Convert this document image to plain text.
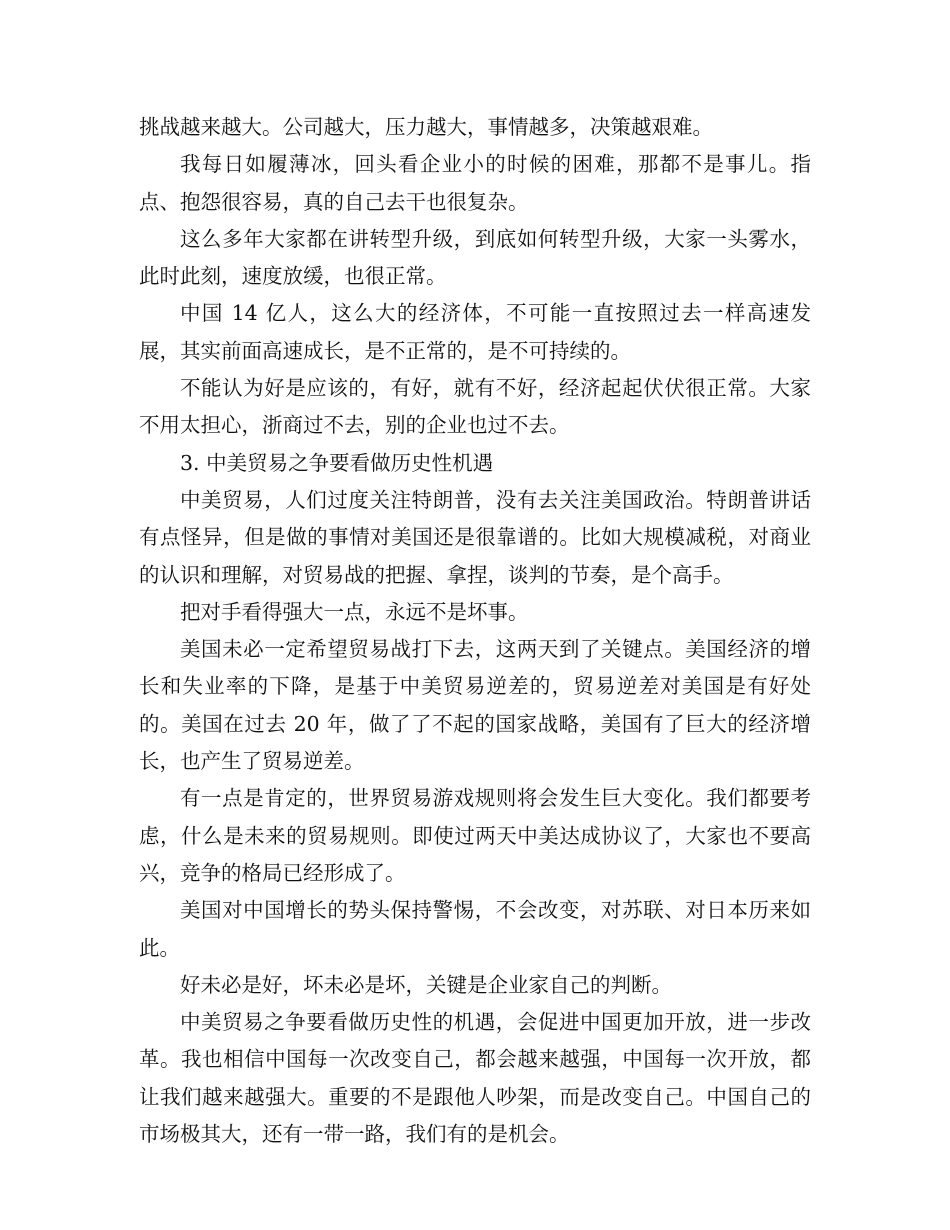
挑战越来越大。公司越大，压力越大，事情越多，决策越艰难。

我每日如履薄冰，回头看企业小的时候的困难，那都不是事儿。指点、抱怨很容易，真的自己去干也很复杂。

这么多年大家都在讲转型升级，到底如何转型升级，大家一头雾水，此时此刻，速度放缓，也很正常。

中国 14 亿人，这么大的经济体，不可能一直按照过去一样高速发展，其实前面高速成长，是不正常的，是不可持续的。

不能认为好是应该的，有好，就有不好，经济起起伏伏很正常。大家不用太担心，浙商过不去，别的企业也过不去。

3. 中美贸易之争要看做历史性机遇

中美贸易，人们过度关注特朗普，没有去关注美国政治。特朗普讲话有点怪异，但是做的事情对美国还是很靠谱的。比如大规模减税，对商业的认识和理解，对贸易战的把握、拿捏，谈判的节奏，是个高手。

把对手看得强大一点，永远不是坏事。

美国未必一定希望贸易战打下去，这两天到了关键点。美国经济的增长和失业率的下降，是基于中美贸易逆差的，贸易逆差对美国是有好处的。美国在过去 20 年，做了了不起的国家战略，美国有了巨大的经济增长，也产生了贸易逆差。

有一点是肯定的，世界贸易游戏规则将会发生巨大变化。我们都要考虑，什么是未来的贸易规则。即使过两天中美达成协议了，大家也不要高兴，竞争的格局已经形成了。

美国对中国增长的势头保持警惕，不会改变，对苏联、对日本历来如此。

好未必是好，坏未必是坏，关键是企业家自己的判断。

中美贸易之争要看做历史性的机遇，会促进中国更加开放，进一步改革。我也相信中国每一次改变自己，都会越来越强，中国每一次开放，都让我们越来越强大。重要的不是跟他人吵架，而是改变自己。中国自己的市场极其大，还有一带一路，我们有的是机会。
